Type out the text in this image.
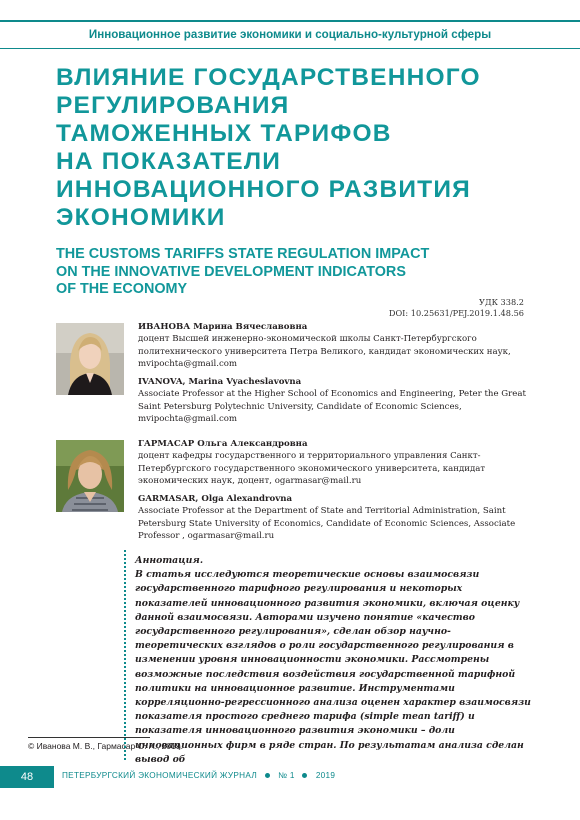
Инновационное развитие экономики и социально-культурной сферы
ВЛИЯНИЕ ГОСУДАРСТВЕННОГО
РЕГУЛИРОВАНИЯ
ТАМОЖЕННЫХ ТАРИФОВ
НА ПОКАЗАТЕЛИ
ИННОВАЦИОННОГО РАЗВИТИЯ
ЭКОНОМИКИ
THE CUSTOMS TARIFFS STATE REGULATION IMPACT
ON THE INNOVATIVE DEVELOPMENT INDICATORS
OF THE ECONOMY
УДК 338.2
DOI: 10.25631/PEJ.2019.1.48.56
ИВАНОВА Марина Вячеславовна
доцент Высшей инженерно-экономической школы Санкт-Петербургского политехнического университета Петра Великого, кандидат экономических наук, mvipochta@gmail.com
IVANOVA, Marina Vyacheslavovna
Associate Professor at the Higher School of Economics and Engineering, Peter the Great Saint Petersburg Polytechnic University, Candidate of Economic Sciences, mvipochta@gmail.com
ГАРМАСАР Ольга Александровна
доцент кафедры государственного и территориального управления Санкт-Петербургского государственного экономического университета, кандидат экономических наук, доцент, ogarmasar@mail.ru
GARMASAR, Olga Alexandrovna
Associate Professor at the Department of State and Territorial Administration, Saint Petersburg State University of Economics, Candidate of Economic Sciences, Associate Professor , ogarmasar@mail.ru

Аннотация.

В статья исследуются теоретические основы взаимосвязи государственного тарифного регулирования и некоторых показателей инновационного развития экономики, включая оценку данной взаимосвязи. Авторами изучено понятие «качество государственного регулирования», сделан обзор научно-теоретических взглядов о роли государственного регулирования в изменении уровня инновационности экономики. Рассмотрены возможные последствия воздействия государственной тарифной политики на инновационное развитие. Инструментами корреляционно-регрессионного анализа оценен характер взаимосвязи показателя простого среднего тарифа (simple mean tariff) и показателя инновационного развития экономики – доли инновационных фирм в ряде стран. По результатам анализа сделан вывод об

© Иванова М. В., Гармасар О. А., 2019.
48	ПЕТЕРБУРГСКИЙ ЭКОНОМИЧЕСКИЙ ЖУРНАЛ	№ 1	2019
